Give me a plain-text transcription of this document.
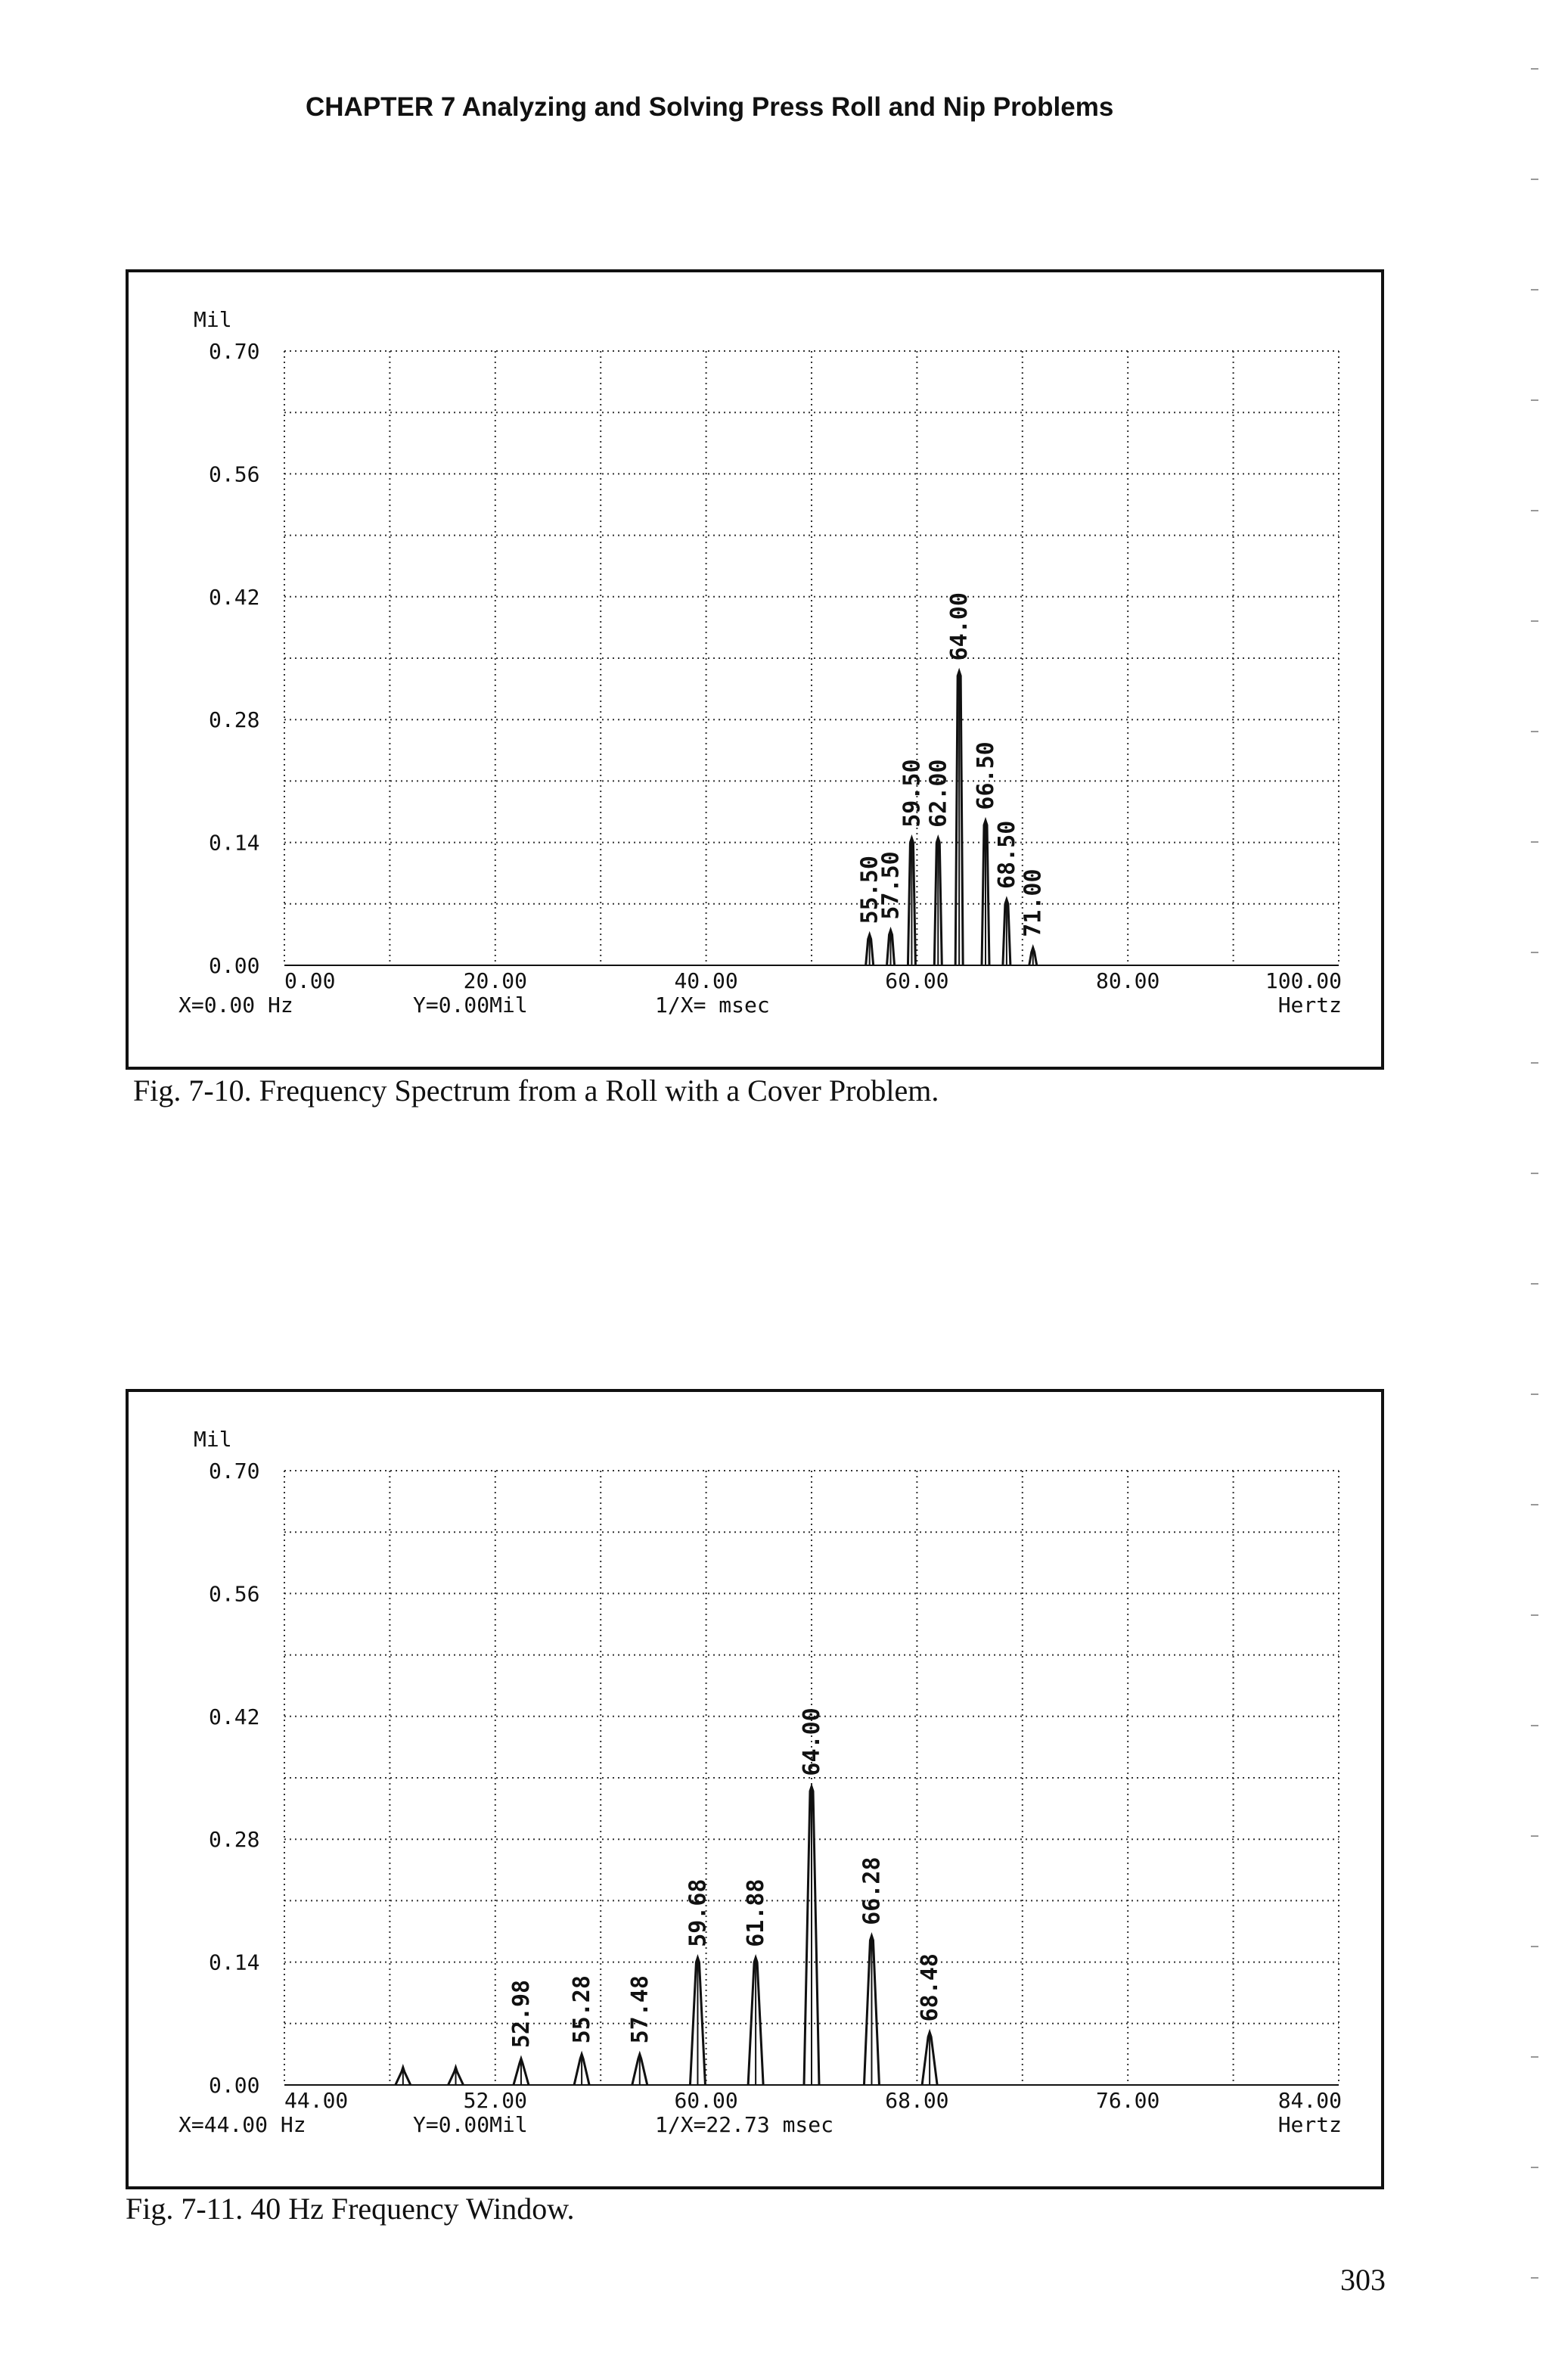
CHAPTER 7 Analyzing and Solving Press Roll and Nip Problems
Mil
0.70
0.56
0.42
0.28
0.14
0.00
0.00	20.00	40.00	60.00	80.00	100.00
X=0.00 Hz	Y=0.00Mil	1/X= msec	Hertz
55.50
57.50
59.50 62.00
64.00
66.50
68.50
71.00
Fig. 7-10. Frequency Spectrum from a Roll with a Cover Problem.
Mil
0.70
0.56
0.42
0.28
0.14
0.00
44.00	52.00	60.00	68.00	76.00	84.00
X=44.00 Hz	Y=0.00Mil	1/X=22.73 msec	Hertz
52.98 55.28 57.48
59.68 61.88
64.00
66.28
68.48
Fig. 7-11. 40 Hz Frequency Window.
303
